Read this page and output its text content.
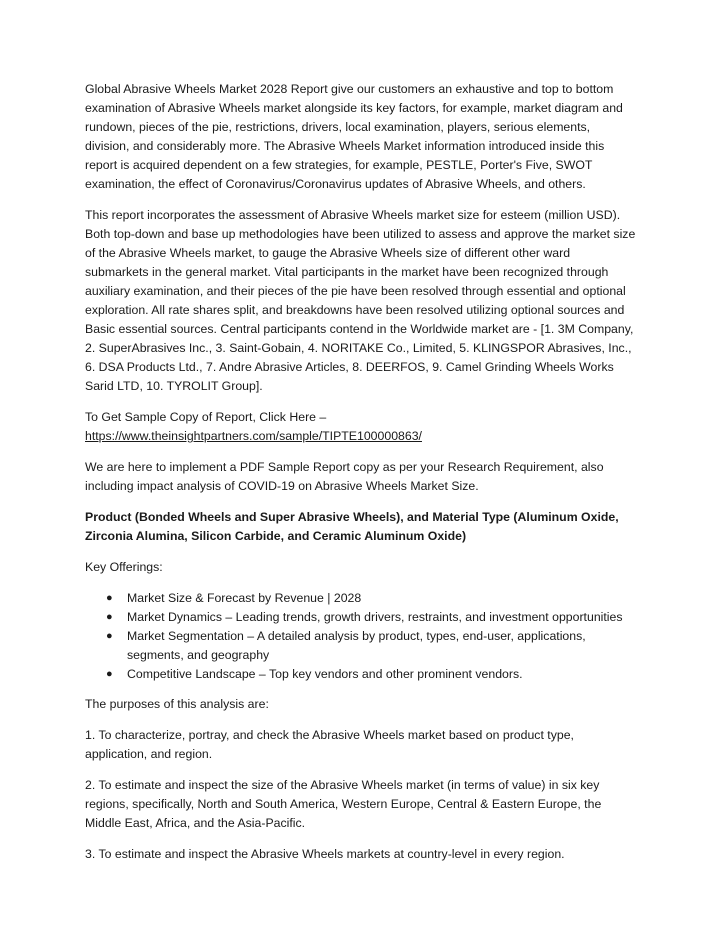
Global Abrasive Wheels Market 2028 Report give our customers an exhaustive and top to bottom examination of Abrasive Wheels market alongside its key factors, for example, market diagram and rundown, pieces of the pie, restrictions, drivers, local examination, players, serious elements, division, and considerably more. The Abrasive Wheels Market information introduced inside this report is acquired dependent on a few strategies, for example, PESTLE, Porter's Five, SWOT examination, the effect of Coronavirus/Coronavirus updates of Abrasive Wheels, and others.

This report incorporates the assessment of Abrasive Wheels market size for esteem (million USD). Both top-down and base up methodologies have been utilized to assess and approve the market size of the Abrasive Wheels market, to gauge the Abrasive Wheels size of different other ward submarkets in the general market. Vital participants in the market have been recognized through auxiliary examination, and their pieces of the pie have been resolved through essential and optional exploration. All rate shares split, and breakdowns have been resolved utilizing optional sources and Basic essential sources. Central participants contend in the Worldwide market are - [1. 3M Company, 2. SuperAbrasives Inc., 3. Saint-Gobain, 4. NORITAKE Co., Limited, 5. KLINGSPOR Abrasives, Inc., 6. DSA Products Ltd., 7. Andre Abrasive Articles, 8. DEERFOS, 9. Camel Grinding Wheels Works Sarid LTD, 10. TYROLIT Group].

To Get Sample Copy of Report, Click Here –

https://www.theinsightpartners.com/sample/TIPTE100000863/

We are here to implement a PDF Sample Report copy as per your Research Requirement, also including impact analysis of COVID-19 on Abrasive Wheels Market Size.

Product (Bonded Wheels and Super Abrasive Wheels), and Material Type (Aluminum Oxide, Zirconia Alumina, Silicon Carbide, and Ceramic Aluminum Oxide)

Key Offerings:

● Market Size & Forecast by Revenue | 2028
● Market Dynamics – Leading trends, growth drivers, restraints, and investment opportunities
● Market Segmentation – A detailed analysis by product, types, end-user, applications, segments, and geography
● Competitive Landscape – Top key vendors and other prominent vendors.

The purposes of this analysis are:

1. To characterize, portray, and check the Abrasive Wheels market based on product type, application, and region.

2. To estimate and inspect the size of the Abrasive Wheels market (in terms of value) in six key regions, specifically, North and South America, Western Europe, Central & Eastern Europe, the Middle East, Africa, and the Asia-Pacific.

3. To estimate and inspect the Abrasive Wheels markets at country-level in every region.
